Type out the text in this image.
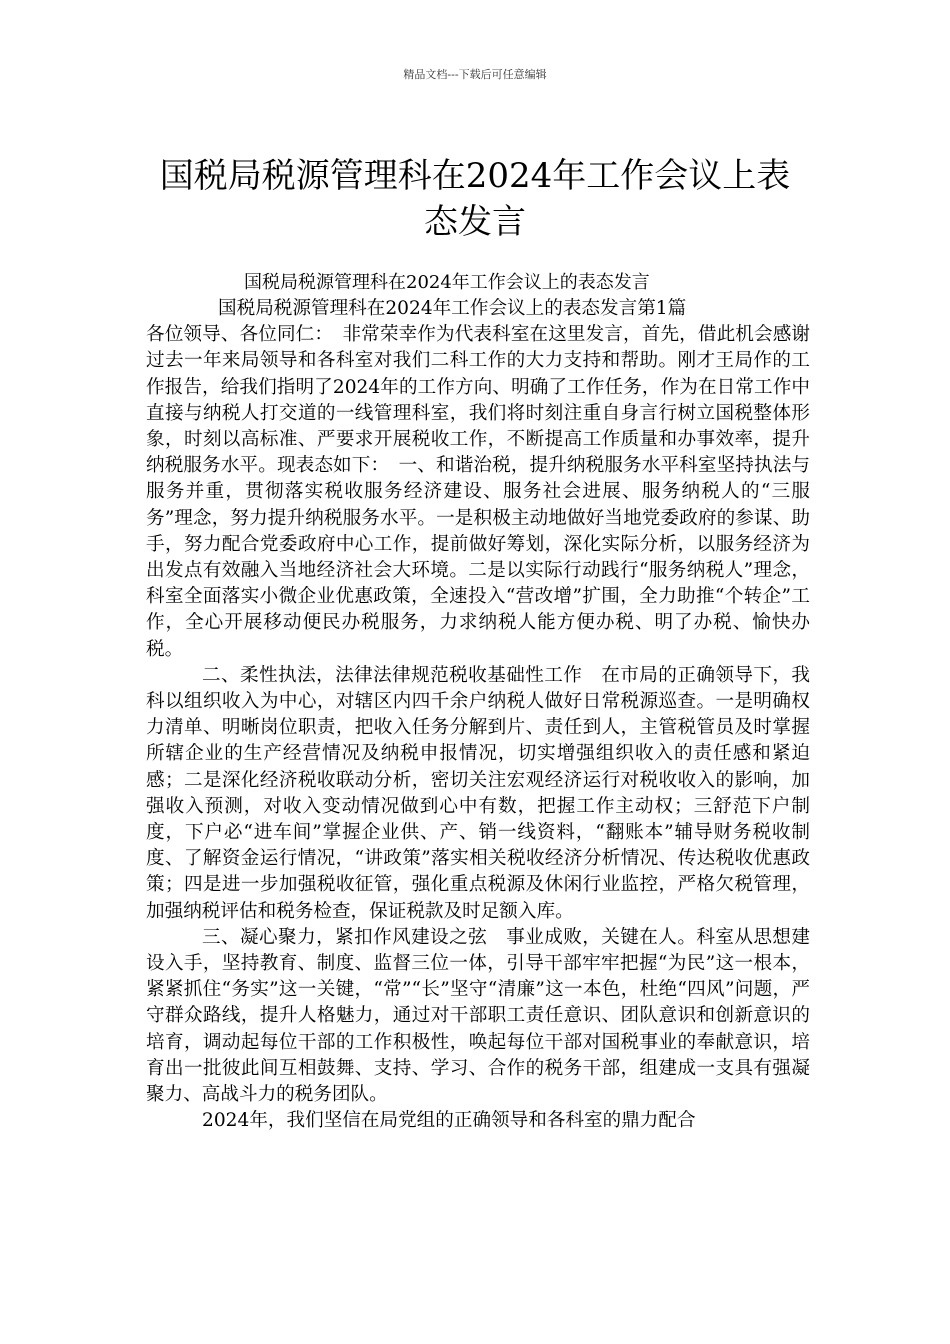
精品文档---下载后可任意编辑
国税局税源管理科在2024年工作会议上表态发言
国税局税源管理科在2024年工作会议上的表态发言

国税局税源管理科在2024年工作会议上的表态发言第1篇

各位领导、各位同仁：　非常荣幸作为代表科室在这里发言，首先，借此机会感谢过去一年来局领导和各科室对我们二科工作的大力支持和帮助。刚才王局作的工作报告，给我们指明了2024年的工作方向、明确了工作任务，作为在日常工作中直接与纳税人打交道的一线管理科室，我们将时刻注重自身言行树立国税整体形象，时刻以高标准、严要求开展税收工作，不断提高工作质量和办事效率，提升纳税服务水平。现表态如下：　一、和谐治税，提升纳税服务水平科室坚持执法与服务并重，贯彻落实税收服务经济建设、服务社会进展、服务纳税人的“三服务”理念，努力提升纳税服务水平。一是积极主动地做好当地党委政府的参谋、助手，努力配合党委政府中心工作，提前做好筹划，深化实际分析，以服务经济为出发点有效融入当地经济社会大环境。二是以实际行动践行“服务纳税人”理念，科室全面落实小微企业优惠政策，全速投入“营改增”扩围，全力助推“个转企”工作，全心开展移动便民办税服务，力求纳税人能方便办税、明了办税、愉快办税。

二、柔性执法，法律法律规范税收基础性工作　在市局的正确领导下，我科以组织收入为中心，对辖区内四千余户纳税人做好日常税源巡查。一是明确权力清单、明晰岗位职责，把收入任务分解到片、责任到人，主管税管员及时掌握所辖企业的生产经营情况及纳税申报情况，切实增强组织收入的责任感和紧迫感；二是深化经济税收联动分析，密切关注宏观经济运行对税收收入的影响，加强收入预测，对收入变动情况做到心中有数，把握工作主动权；三舒范下户制度，下户必“进车间”掌握企业供、产、销一线资料，“翻账本”辅导财务税收制度、了解资金运行情况，“讲政策”落实相关税收经济分析情况、传达税收优惠政策；四是进一步加强税收征管，强化重点税源及休闲行业监控，严格欠税管理，加强纳税评估和税务检查，保证税款及时足额入库。

三、凝心聚力，紧扣作风建设之弦　事业成败，关键在人。科室从思想建设入手，坚持教育、制度、监督三位一体，引导干部牢牢把握“为民”这一根本，紧紧抓住“务实”这一关键，“常”“长”坚守“清廉”这一本色，杜绝“四风”问题，严守群众路线，提升人格魅力，通过对干部职工责任意识、团队意识和创新意识的培育，调动起每位干部的工作积极性，唤起每位干部对国税事业的奉献意识，培育出一批彼此间互相鼓舞、支持、学习、合作的税务干部，组建成一支具有强凝聚力、高战斗力的税务团队。

2024年，我们坚信在局党组的正确领导和各科室的鼎力配合
